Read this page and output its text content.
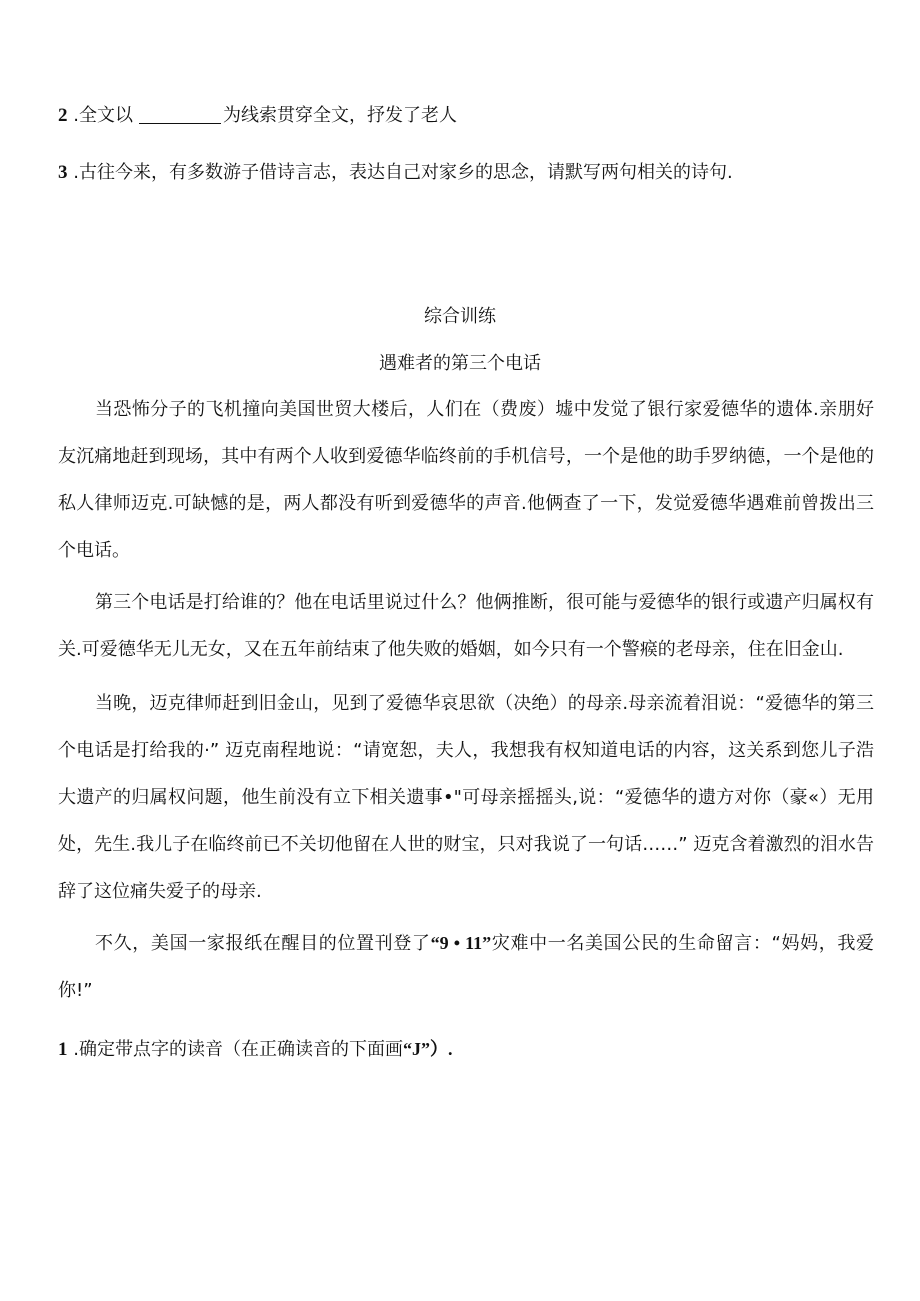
2 .全文以	为线索贯穿全文，抒发了老人
3 .古往今来，有多数游子借诗言志，表达自己对家乡的思念，请默写两句相关的诗句.
综合训练
遇难者的第三个电话

当恐怖分子的飞机撞向美国世贸大楼后，人们在（费废）墟中发觉了银行家爱德华的遗体.亲朋好友沉痛地赶到现场，其中有两个人收到爱德华临终前的手机信号，一个是他的助手罗纳德，一个是他的私人律师迈克.可缺憾的是，两人都没有听到爱德华的声音.他俩查了一下，发觉爱德华遇难前曾拨出三个电话。

第三个电话是打给谁的？他在电话里说过什么？他俩推断，很可能与爱德华的银行或遗产归属权有关.可爱德华无儿无女，又在五年前结束了他失败的婚姻，如今只有一个警瘊的老母亲，住在旧金山.

当晚，迈克律师赶到旧金山，见到了爱德华哀思欲（决绝）的母亲.母亲流着泪说：“爱德华的第三个电话是打给我的·” 迈克南程地说：“请宽恕，夫人，我想我有权知道电话的内容，这关系到您儿子浩大遗产的归属权问题，他生前没有立下相关遗事•"可母亲摇摇头,说：“爱德华的遗方对你（豪«）无用处，先生.我儿子在临终前已不关切他留在人世的财宝，只对我说了一句话……” 迈克含着激烈的泪水告辞了这位痛失爱子的母亲.

不久，美国一家报纸在醒目的位置刊登了“9 • 11”灾难中一名美国公民的生命留言：“妈妈，我爱你!”

1 .确定带点字的读音（在正确读音的下面画“J”）.
